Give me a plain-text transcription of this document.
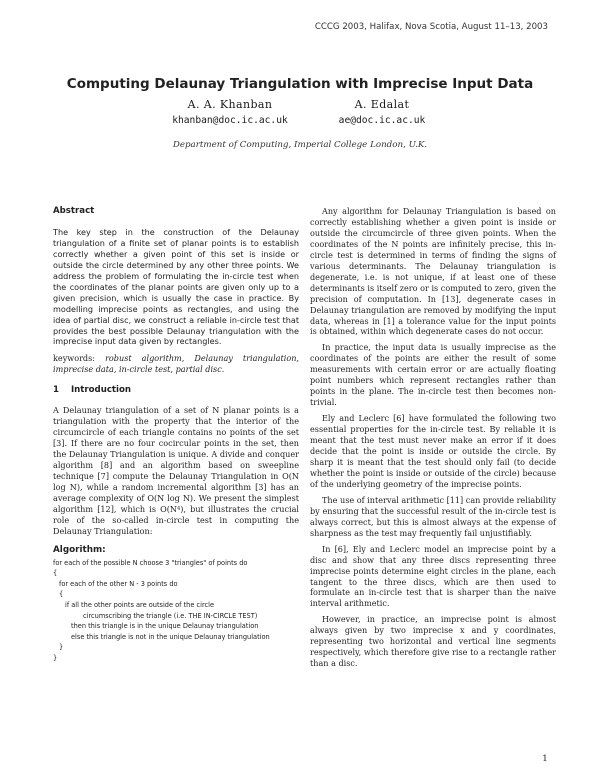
CCCG 2003, Halifax, Nova Scotia, August 11–13, 2003
Computing Delaunay Triangulation with Imprecise Input Data
A. A. Khanban
khanban@doc.ic.ac.uk
A. Edalat
ae@doc.ic.ac.uk
Department of Computing, Imperial College London, U.K.
Abstract

The key step in the construction of the Delaunay triangulation of a finite set of planar points is to establish correctly whether a given point of this set is inside or outside the circle determined by any other three points. We address the problem of formulating the in-circle test when the coordinates of the planar points are given only up to a given precision, which is usually the case in practice. By modelling imprecise points as rectangles, and using the idea of partial disc, we construct a reliable in-circle test that provides the best possible Delaunay triangulation with the imprecise input data given by rectangles.

keywords: robust algorithm, Delaunay triangulation, imprecise data, in-circle test, partial disc.

1 Introduction

A Delaunay triangulation of a set of N planar points is a triangulation with the property that the interior of the circumcircle of each triangle contains no points of the set [3]. If there are no four cocircular points in the set, then the Delaunay Triangulation is unique. A divide and conquer algorithm [8] and an algorithm based on sweepline technique [7] compute the Delaunay Triangulation in O(N log N), while a random incremental algorithm [3] has an average complexity of O(N log N). We present the simplest algorithm [12], which is O(N⁴), but illustrates the crucial role of the so-called in-circle test in computing the Delaunay Triangulation:

Algorithm:
for each of the possible N choose 3 "triangles" of points do
{
for each of the other N - 3 points do
{
if all the other points are outside of the circle
circumscribing the triangle (i.e. THE IN-CIRCLE TEST)
then this triangle is in the unique Delaunay triangulation
else this triangle is not in the unique Delaunay triangulation
}
}

Any algorithm for Delaunay Triangulation is based on correctly establishing whether a given point is inside or outside the circumcircle of three given points. When the coordinates of the N points are infinitely precise, this in-circle test is determined in terms of finding the signs of various determinants. The Delaunay triangulation is degenerate, i.e. is not unique, if at least one of these determinants is itself zero or is computed to zero, given the precision of computation. In [13], degenerate cases in Delaunay triangulation are removed by modifying the input data, whereas in [1] a tolerance value for the input points is obtained, within which degenerate cases do not occur.

In practice, the input data is usually imprecise as the coordinates of the points are either the result of some measurements with certain error or are actually floating point numbers which represent rectangles rather than points in the plane. The in-circle test then becomes non-trivial.

Ely and Leclerc [6] have formulated the following two essential properties for the in-circle test. By reliable it is meant that the test must never make an error if it does decide that the point is inside or outside the circle. By sharp it is meant that the test should only fail (to decide whether the point is inside or outside of the circle) because of the underlying geometry of the imprecise points.

The use of interval arithmetic [11] can provide reliability by ensuring that the successful result of the in-circle test is always correct, but this is almost always at the expense of sharpness as the test may frequently fail unjustifiably.

In [6], Ely and Leclerc model an imprecise point by a disc and show that any three discs representing three imprecise points determine eight circles in the plane, each tangent to the three discs, which are then used to formulate an in-circle test that is sharper than the naive interval arithmetic.

However, in practice, an imprecise point is almost always given by two imprecise x and y coordinates, representing two horizontal and vertical line segments respectively, which therefore give rise to a rectangle rather than a disc.

1
